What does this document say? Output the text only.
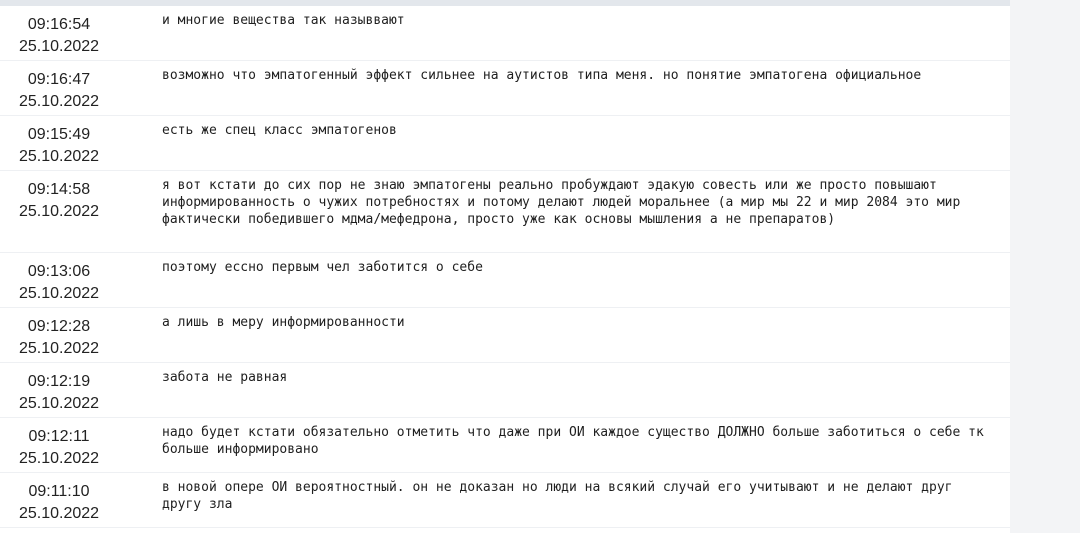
09:16:54
25.10.2022
и многие вещества так назыввают
09:16:47
25.10.2022
возможно что эмпатогенный эффект сильнее на аутистов типа меня. но понятие эмпатогена официальное
09:15:49
25.10.2022
есть же спец класс эмпатогенов
09:14:58
25.10.2022
я вот кстати до сих пор не знаю эмпатогены реально пробуждают эдакую совесть или же просто повышают информированность о чужих потребностях и потому делают людей моральнее (а мир мы 22 и мир 2084 это мир фактически победившего мдма/мефедрона, просто уже как основы мышления а не препаратов)
09:13:06
25.10.2022
поэтому ессно первым чел заботится о себе
09:12:28
25.10.2022
а лишь в меру информированности
09:12:19
25.10.2022
забота не равная
09:12:11
25.10.2022
надо будет кстати обязательно отметить что даже при ОИ каждое существо ДОЛЖНО больше заботиться о себе тк больше информировано
09:11:10
25.10.2022
в новой опере ОИ вероятностный. он не доказан но люди на всякий случай его учитывают и не делают друг другу зла
